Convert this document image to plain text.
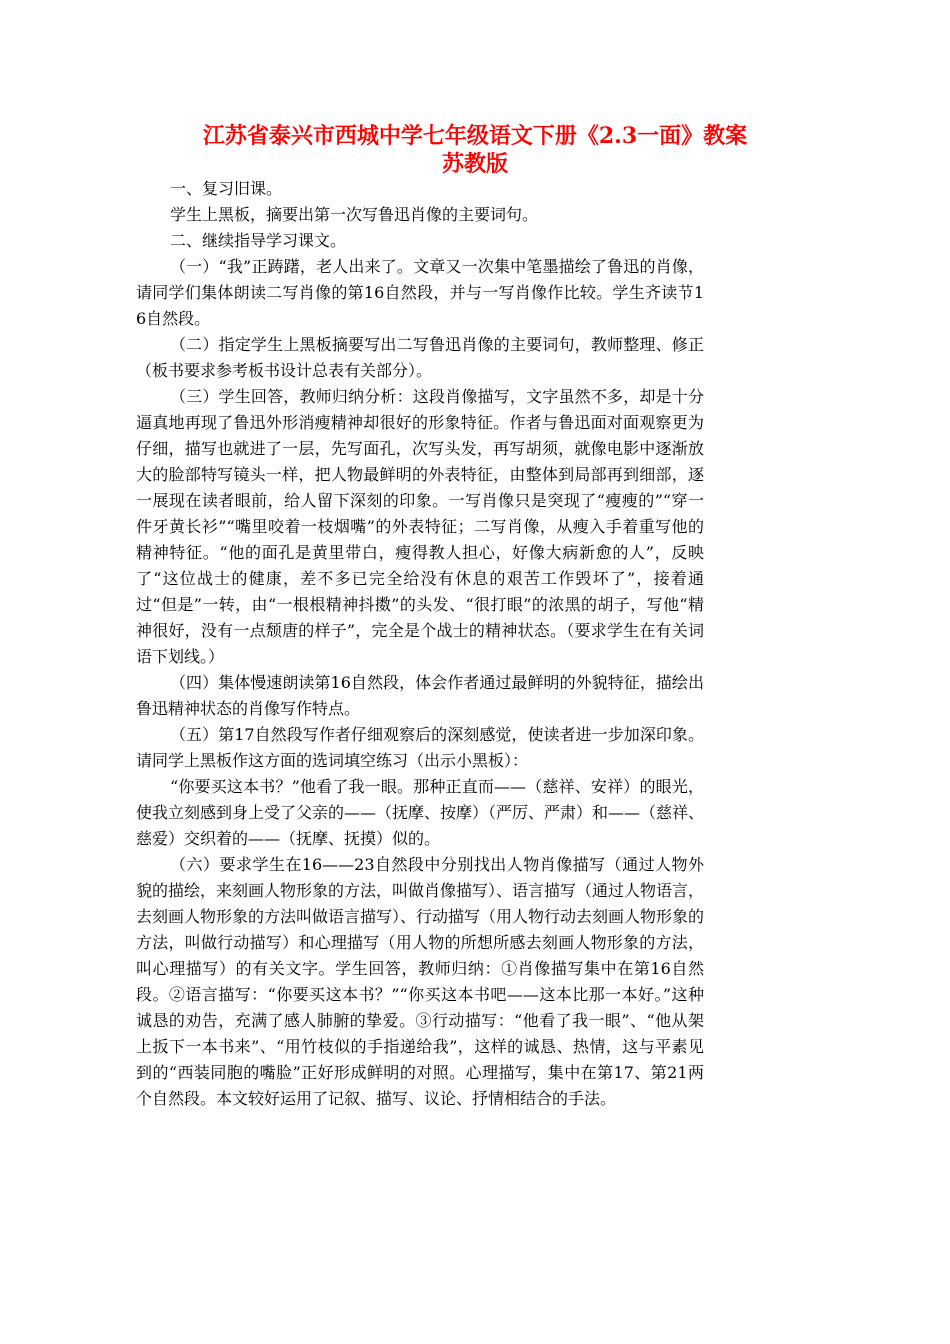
江苏省泰兴市西城中学七年级语文下册《2.3一面》教案
苏教版

一、复习旧课。

学生上黑板，摘要出第一次写鲁迅肖像的主要词句。

二、继续指导学习课文。

（一）“我”正踌躇，老人出来了。文章又一次集中笔墨描绘了鲁迅的肖像，请同学们集体朗读二写肖像的第16自然段，并与一写肖像作比较。学生齐读节16自然段。

（二）指定学生上黑板摘要写出二写鲁迅肖像的主要词句，教师整理、修正（板书要求参考板书设计总表有关部分）。

（三）学生回答，教师归纳分析：这段肖像描写，文字虽然不多，却是十分逼真地再现了鲁迅外形消瘦精神却很好的形象特征。作者与鲁迅面对面观察更为仔细，描写也就进了一层，先写面孔，次写头发，再写胡须，就像电影中逐渐放大的脸部特写镜头一样，把人物最鲜明的外表特征，由整体到局部再到细部，逐一展现在读者眼前，给人留下深刻的印象。一写肖像只是突现了“瘦瘦的”“穿一件牙黄长衫”“嘴里咬着一枝烟嘴”的外表特征；二写肖像，从瘦入手着重写他的精神特征。“他的面孔是黄里带白，瘦得教人担心，好像大病新愈的人”，反映了“这位战士的健康，差不多已完全给没有休息的艰苦工作毁坏了”，接着通过“但是”一转，由“一根根精神抖擞”的头发、“很打眼”的浓黑的胡子，写他“精神很好，没有一点颓唐的样子”，完全是个战士的精神状态。（要求学生在有关词语下划线。）

（四）集体慢速朗读第16自然段，体会作者通过最鲜明的外貌特征，描绘出鲁迅精神状态的肖像写作特点。

（五）第17自然段写作者仔细观察后的深刻感觉，使读者进一步加深印象。请同学上黑板作这方面的选词填空练习（出示小黑板）：

“你要买这本书？”他看了我一眼。那种正直而——（慈祥、安祥）的眼光，使我立刻感到身上受了父亲的——（抚摩、按摩）（严厉、严肃）和——（慈祥、慈爱）交织着的——（抚摩、抚摸）似的。

（六）要求学生在16——23自然段中分别找出人物肖像描写（通过人物外貌的描绘，来刻画人物形象的方法，叫做肖像描写）、语言描写（通过人物语言，去刻画人物形象的方法叫做语言描写）、行动描写（用人物行动去刻画人物形象的方法，叫做行动描写）和心理描写（用人物的所想所感去刻画人物形象的方法，叫心理描写）的有关文字。学生回答，教师归纳：①肖像描写集中在第16自然段。②语言描写：“你要买这本书？”“你买这本书吧——这本比那一本好。”这种诚恳的劝告，充满了感人肺腑的挚爱。③行动描写：“他看了我一眼”、“他从架上扳下一本书来”、“用竹枝似的手指递给我”，这样的诚恳、热情，这与平素见到的“西装同胞的嘴脸”正好形成鲜明的对照。心理描写，集中在第17、第21两个自然段。本文较好运用了记叙、描写、议论、抒情相结合的手法。
